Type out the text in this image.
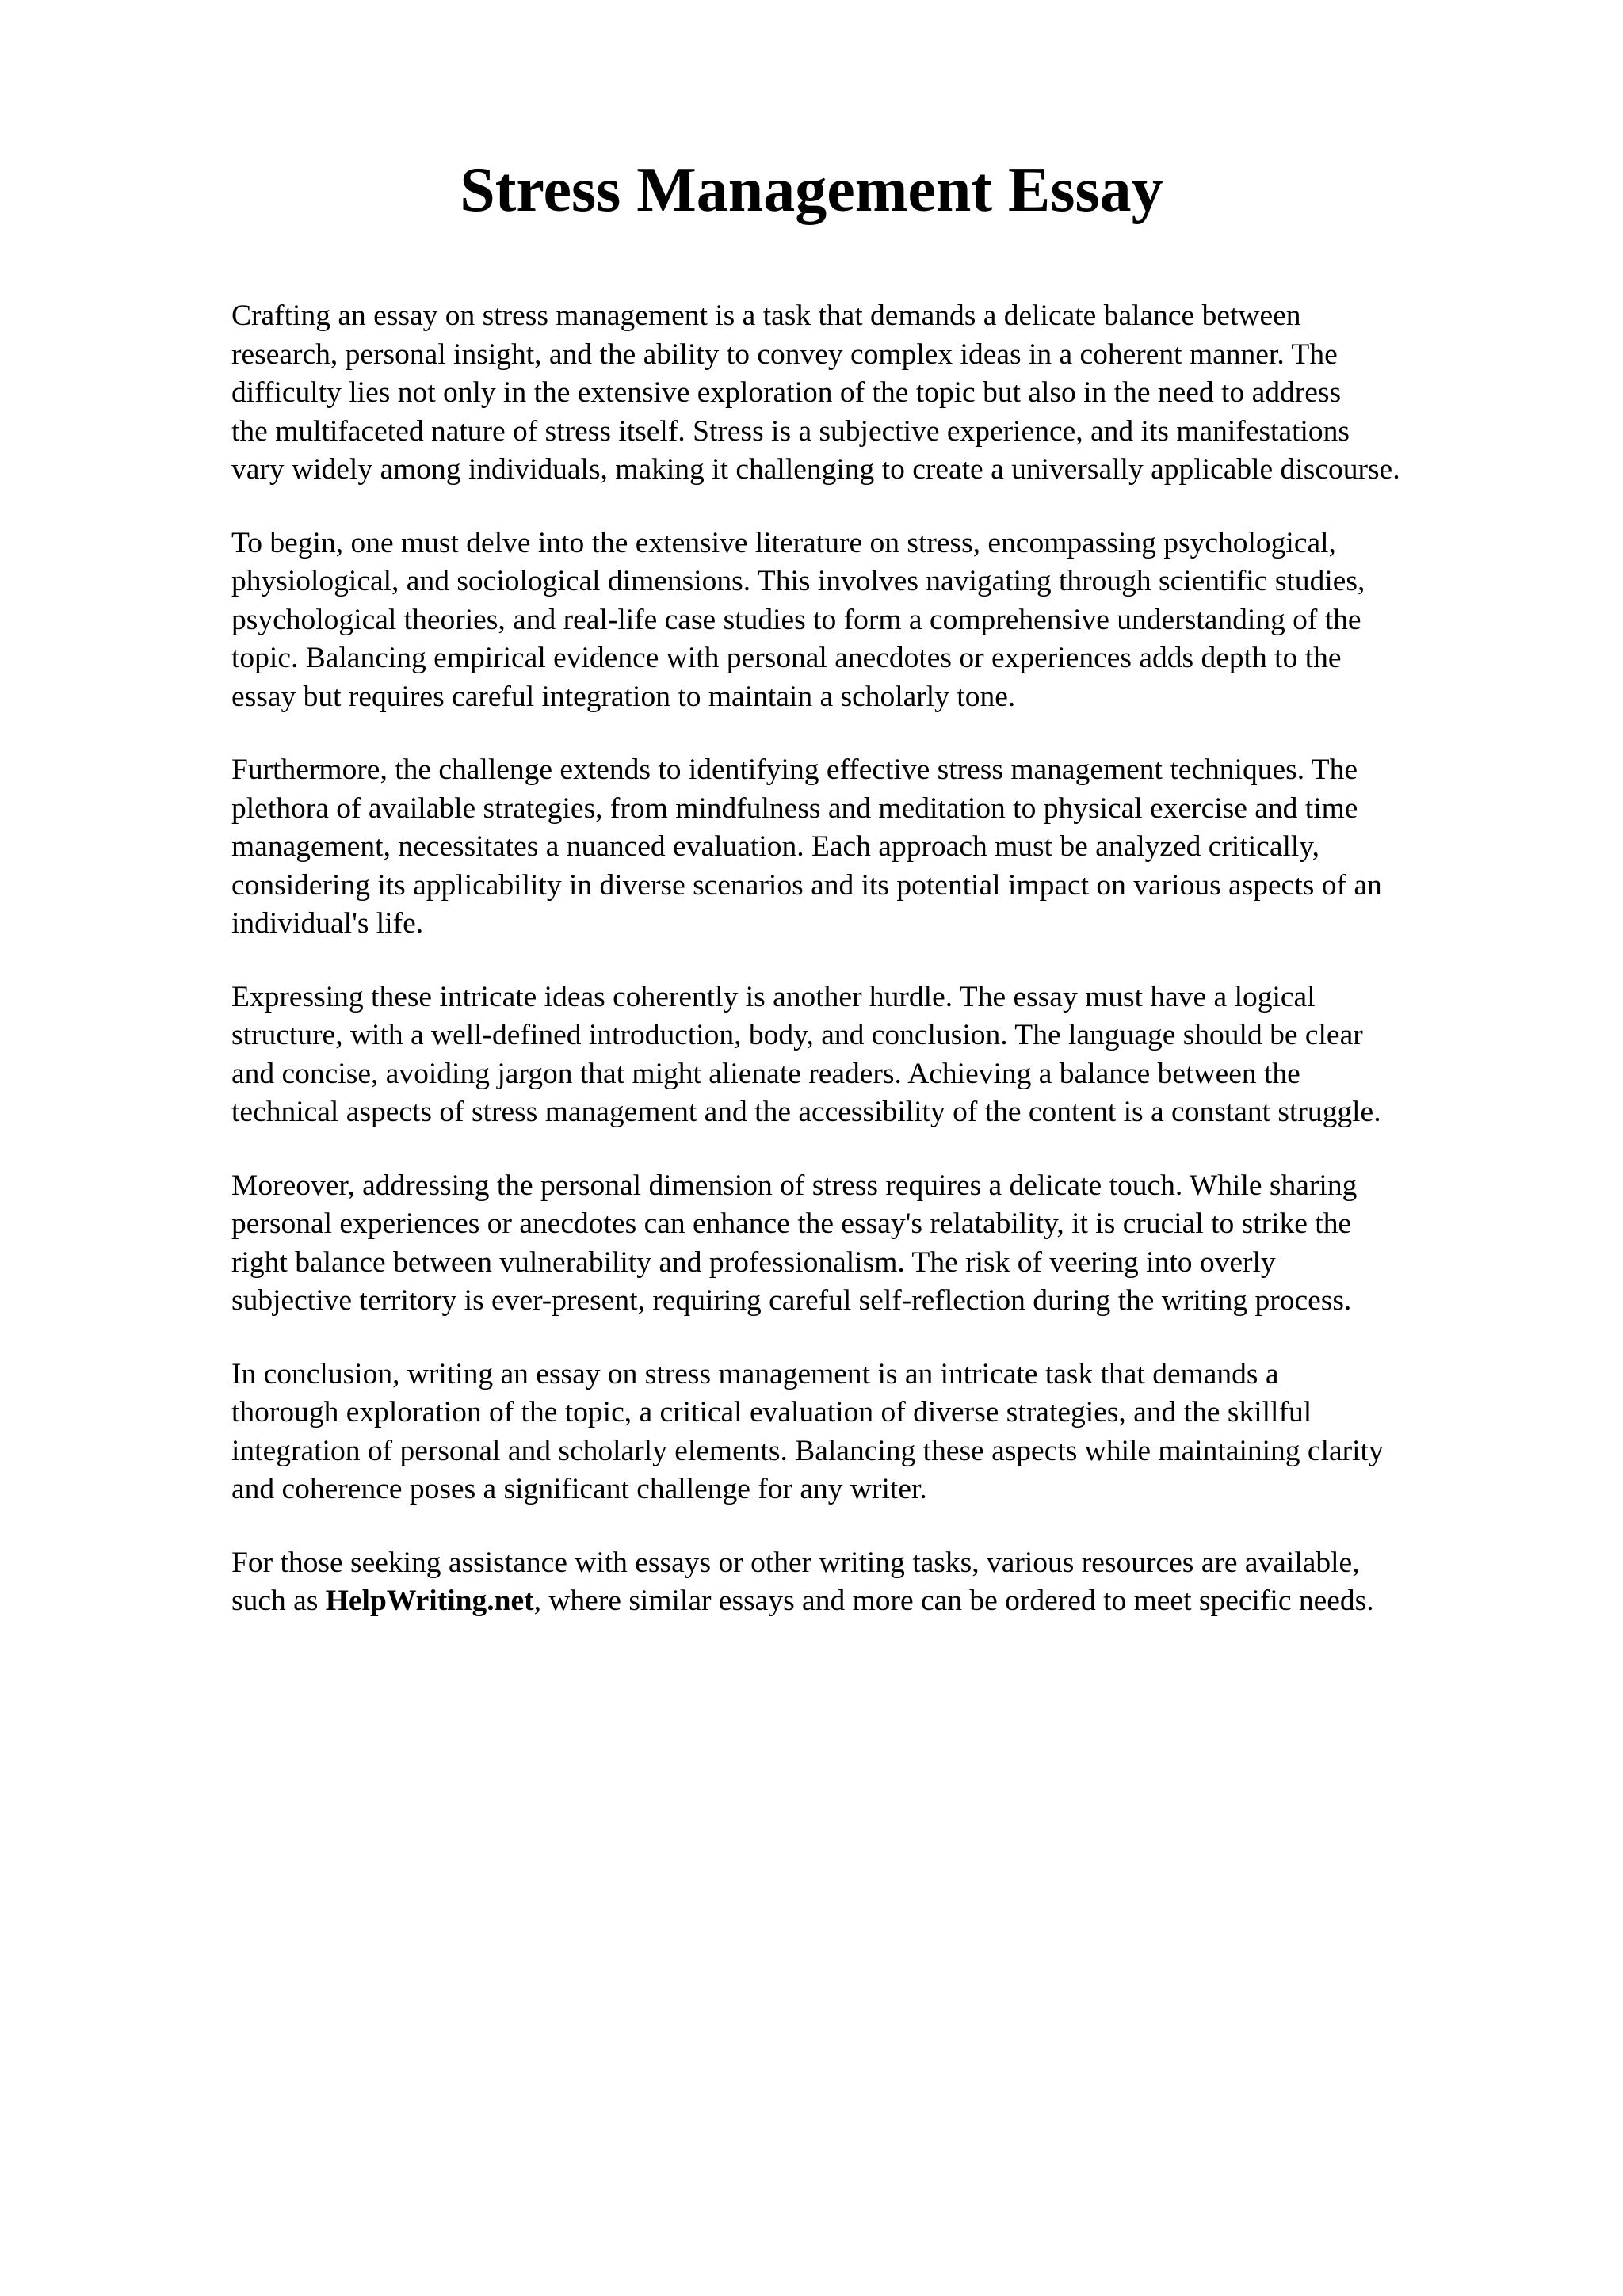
Stress Management Essay

Crafting an essay on stress management is a task that demands a delicate balance between
research, personal insight, and the ability to convey complex ideas in a coherent manner. The
difficulty lies not only in the extensive exploration of the topic but also in the need to address
the multifaceted nature of stress itself. Stress is a subjective experience, and its manifestations
vary widely among individuals, making it challenging to create a universally applicable discourse.

To begin, one must delve into the extensive literature on stress, encompassing psychological,
physiological, and sociological dimensions. This involves navigating through scientific studies,
psychological theories, and real-life case studies to form a comprehensive understanding of the
topic. Balancing empirical evidence with personal anecdotes or experiences adds depth to the
essay but requires careful integration to maintain a scholarly tone.

Furthermore, the challenge extends to identifying effective stress management techniques. The
plethora of available strategies, from mindfulness and meditation to physical exercise and time
management, necessitates a nuanced evaluation. Each approach must be analyzed critically,
considering its applicability in diverse scenarios and its potential impact on various aspects of an
individual's life.

Expressing these intricate ideas coherently is another hurdle. The essay must have a logical
structure, with a well-defined introduction, body, and conclusion. The language should be clear
and concise, avoiding jargon that might alienate readers. Achieving a balance between the
technical aspects of stress management and the accessibility of the content is a constant struggle.

Moreover, addressing the personal dimension of stress requires a delicate touch. While sharing
personal experiences or anecdotes can enhance the essay's relatability, it is crucial to strike the
right balance between vulnerability and professionalism. The risk of veering into overly
subjective territory is ever-present, requiring careful self-reflection during the writing process.

In conclusion, writing an essay on stress management is an intricate task that demands a
thorough exploration of the topic, a critical evaluation of diverse strategies, and the skillful
integration of personal and scholarly elements. Balancing these aspects while maintaining clarity
and coherence poses a significant challenge for any writer.

For those seeking assistance with essays or other writing tasks, various resources are available,
such as HelpWriting.net, where similar essays and more can be ordered to meet specific needs.
